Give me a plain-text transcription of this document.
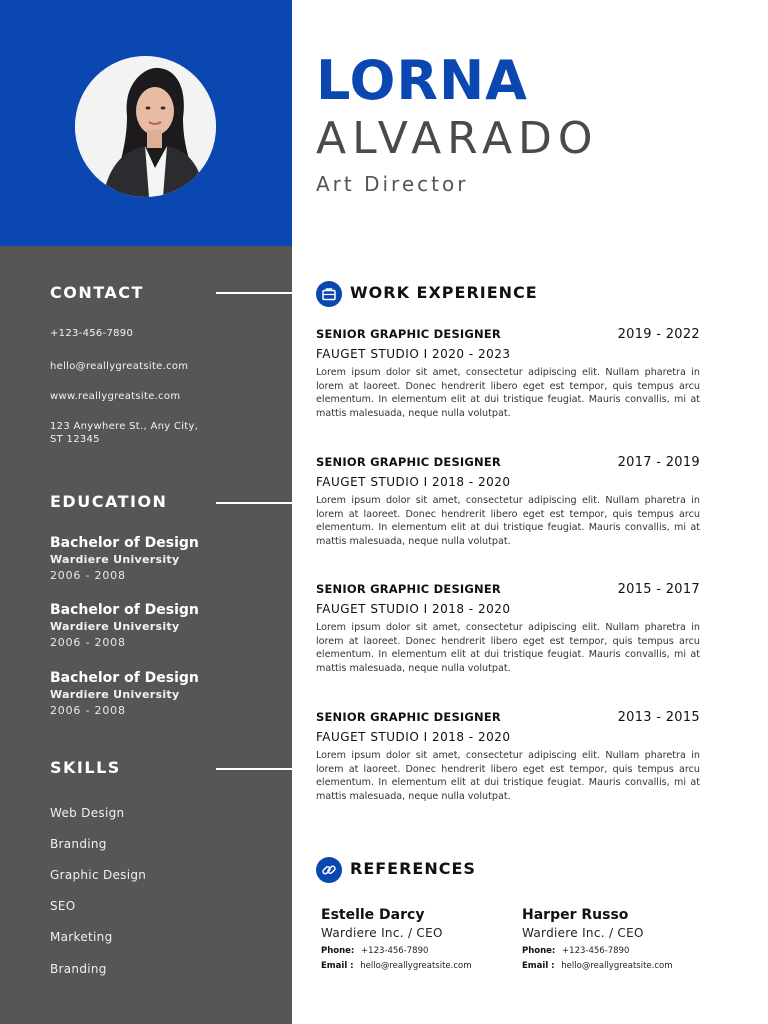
CONTACT
+123-456-7890
hello@reallygreatsite.com
www.reallygreatsite.com
123 Anywhere St., Any City, ST 12345
EDUCATION
Bachelor of Design
Wardiere University
2006 - 2008
Bachelor of Design
Wardiere University
2006 - 2008
Bachelor of Design
Wardiere University
2006 - 2008
SKILLS
Web Design
Branding
Graphic Design
SEO
Marketing
Branding
LORNA
ALVARADO
Art Director
WORK EXPERIENCE
SENIOR GRAPHIC DESIGNER	2019 - 2022
FAUGET STUDIO I 2020 - 2023
Lorem ipsum dolor sit amet, consectetur adipiscing elit. Nullam pharetra in lorem at laoreet. Donec hendrerit libero eget est tempor, quis tempus arcu elementum. In elementum elit at dui tristique feugiat. Mauris convallis, mi at mattis malesuada, neque nulla volutpat.
SENIOR GRAPHIC DESIGNER	2017 - 2019
FAUGET STUDIO I 2018 - 2020
Lorem ipsum dolor sit amet, consectetur adipiscing elit. Nullam pharetra in lorem at laoreet. Donec hendrerit libero eget est tempor, quis tempus arcu elementum. In elementum elit at dui tristique feugiat. Mauris convallis, mi at mattis malesuada, neque nulla volutpat.
SENIOR GRAPHIC DESIGNER	2015 - 2017
FAUGET STUDIO I 2018 - 2020
Lorem ipsum dolor sit amet, consectetur adipiscing elit. Nullam pharetra in lorem at laoreet. Donec hendrerit libero eget est tempor, quis tempus arcu elementum. In elementum elit at dui tristique feugiat. Mauris convallis, mi at mattis malesuada, neque nulla volutpat.
SENIOR GRAPHIC DESIGNER	2013 - 2015
FAUGET STUDIO I 2018 - 2020
Lorem ipsum dolor sit amet, consectetur adipiscing elit. Nullam pharetra in lorem at laoreet. Donec hendrerit libero eget est tempor, quis tempus arcu elementum. In elementum elit at dui tristique feugiat. Mauris convallis, mi at mattis malesuada, neque nulla volutpat.
REFERENCES
Estelle Darcy
Wardiere Inc. / CEO
Phone: +123-456-7890
Email : hello@reallygreatsite.com
Harper Russo
Wardiere Inc. / CEO
Phone: +123-456-7890
Email : hello@reallygreatsite.com
